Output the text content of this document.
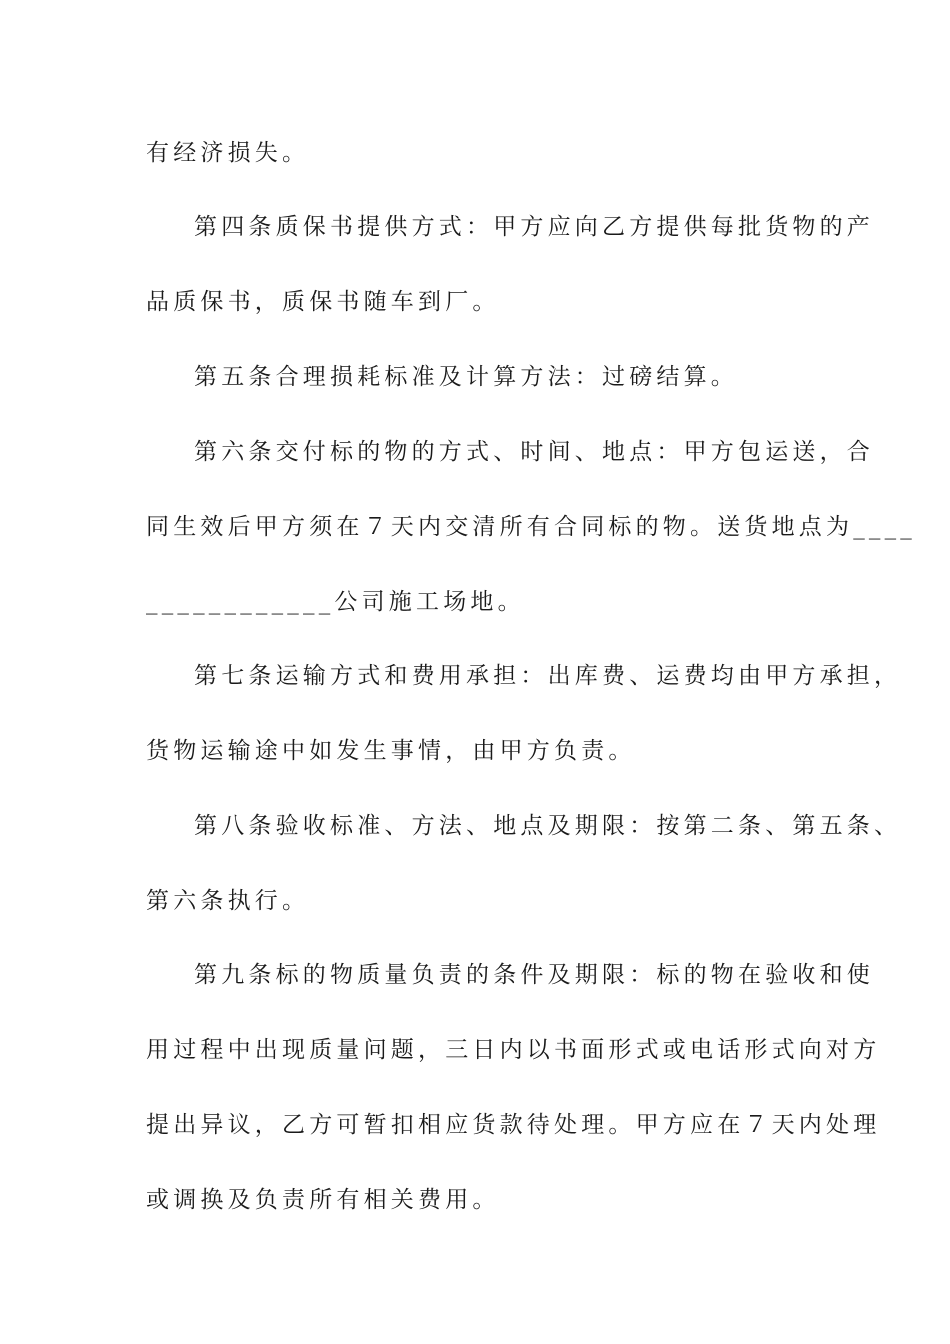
有经济损失。
第四条质保书提供方式：甲方应向乙方提供每批货物的产
品质保书，质保书随车到厂。
第五条合理损耗标准及计算方法：过磅结算。
第六条交付标的物的方式、时间、地点：甲方包运送，合
同生效后甲方须在７天内交清所有合同标的物。送货地点为____
____________公司施工场地。
第七条运输方式和费用承担：出库费、运费均由甲方承担，
货物运输途中如发生事情，由甲方负责。
第八条验收标准、方法、地点及期限：按第二条、第五条、
第六条执行。
第九条标的物质量负责的条件及期限：标的物在验收和使
用过程中出现质量问题，三日内以书面形式或电话形式向对方
提出异议，乙方可暂扣相应货款待处理。甲方应在７天内处理
或调换及负责所有相关费用。
